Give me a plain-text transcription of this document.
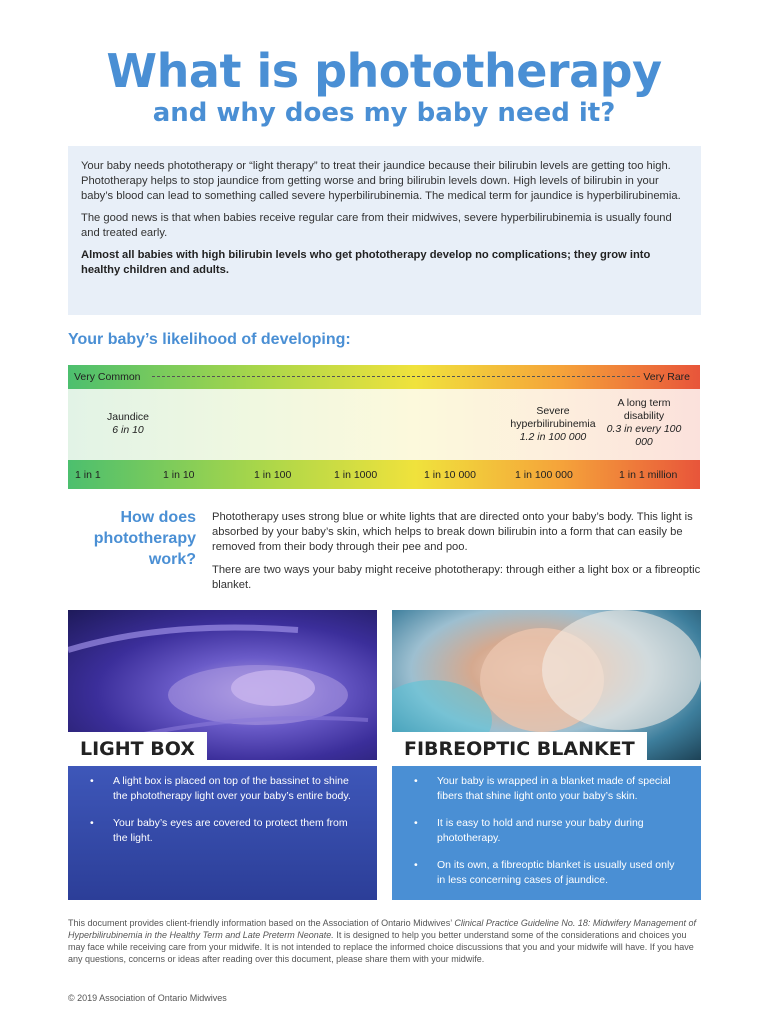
What is phototherapy
and why does my baby need it?

Your baby needs phototherapy or “light therapy” to treat their jaundice because their bilirubin levels are getting too high. Phototherapy helps to stop jaundice from getting worse and bring bilirubin levels down. High levels of bilirubin in your baby’s blood can lead to something called severe hyperbilirubinemia. The medical term for jaundice is hyperbilirubinemia.

The good news is that when babies receive regular care from their midwives, severe hyperbilirubinemia is usually found and treated early.

Almost all babies with high bilirubin levels who get phototherapy develop no complications; they grow into healthy children and adults.

Your baby’s likelihood of developing:
Very Common	Very Rare
Jaundice
6 in 10
Severe hyperbilirubinemia
1.2 in 100 000
A long term disability
0.3 in every 100 000
1 in 1	1 in 10	1 in 100	1 in 1000	1 in 10 000	1 in 100 000	1 in 1 million
How does phototherapy work?

Phototherapy uses strong blue or white lights that are directed onto your baby’s body. This light is absorbed by your baby’s skin, which helps to break down bilirubin into a form that can easily be removed from their body through their pee and poo.

There are two ways your baby might receive phototherapy: through either a light box or a fibreoptic blanket.

LIGHT BOX
• A light box is placed on top of the bassinet to shine the phototherapy light over your baby’s entire body.
• Your baby’s eyes are covered to protect them from the light.
FIBREOPTIC BLANKET
• Your baby is wrapped in a blanket made of special fibers that shine light onto your baby’s skin.
• It is easy to hold and nurse your baby during phototherapy.
• On its own, a fibreoptic blanket is usually used only in less concerning cases of jaundice.
This document provides client-friendly information based on the Association of Ontario Midwives’ Clinical Practice Guideline No. 18: Midwifery Management of Hyperbilirubinemia in the Healthy Term and Late Preterm Neonate. It is designed to help you better understand some of the considerations and choices you may face while receiving care from your midwife. It is not intended to replace the informed choice discussions that you and your midwife will have. If you have any questions, concerns or ideas after reading over this document, please share them with your midwife.
© 2019 Association of Ontario Midwives
